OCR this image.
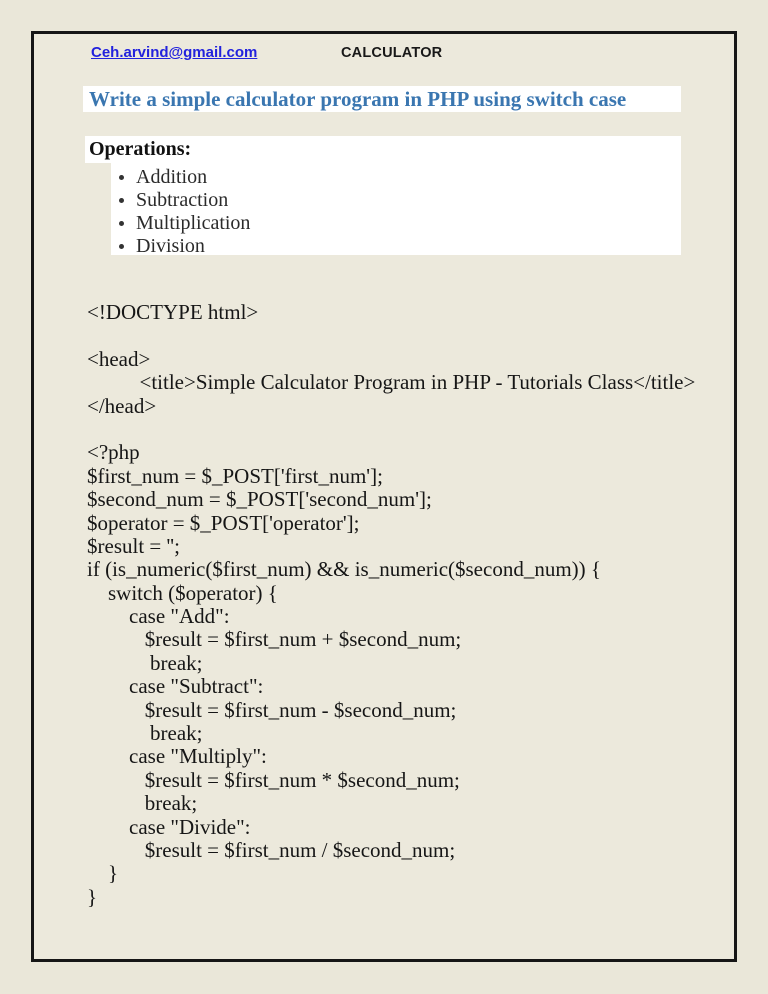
Ceh.arvind@gmail.com	CALCULATOR
Write a simple calculator program in PHP using switch case
Operations:
Addition
Subtraction
Multiplication
Division
<!DOCTYPE html>
<head>
<title>Simple Calculator Program in PHP - Tutorials Class</title>
</head>
<?php
$first_num = $_POST['first_num'];
$second_num = $_POST['second_num'];
$operator = $_POST['operator'];
$result = '';
if (is_numeric($first_num) && is_numeric($second_num)) {
switch ($operator) {
case "Add":
$result = $first_num + $second_num;
break;
case "Subtract":
$result = $first_num - $second_num;
break;
case "Multiply":
$result = $first_num * $second_num;
break;
case "Divide":
$result = $first_num / $second_num;
}
}
